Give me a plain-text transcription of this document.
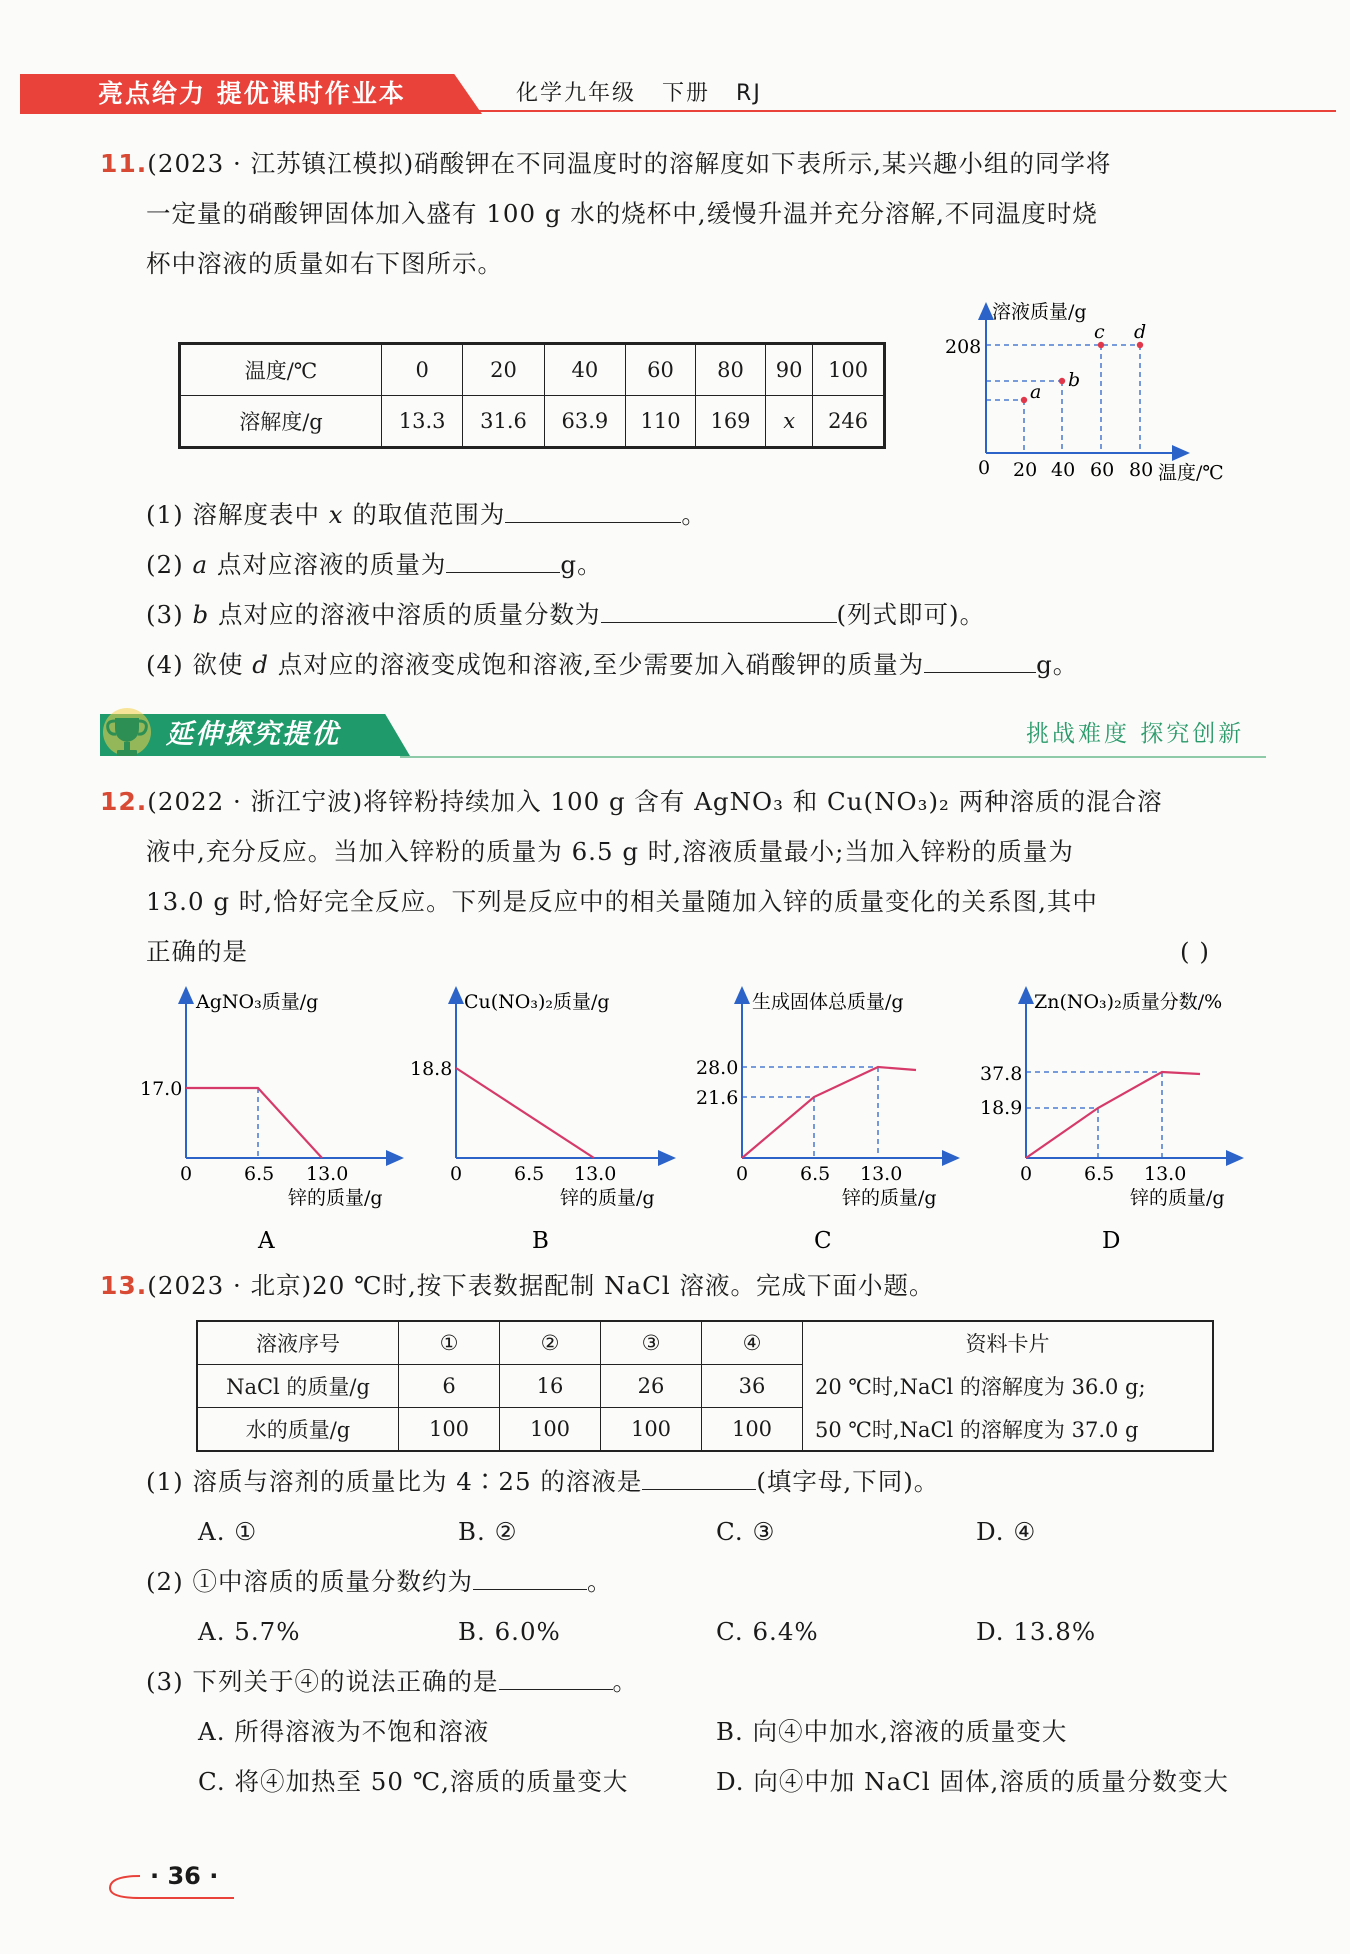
亮点给力 提优课时作业本	化学九年级 下册 RJ
11.(2023 · 江苏镇江模拟)硝酸钾在不同温度时的溶解度如下表所示,某兴趣小组的同学将
一定量的硝酸钾固体加入盛有 100 g 水的烧杯中,缓慢升温并充分溶解,不同温度时烧
杯中溶液的质量如右下图所示。
温度/℃	0	20	40	60	80	90	100
溶解度/g	13.3	31.6	63.9	110	169	x	246
a
b
c d
溶液质量/g
208
0 20 40 60 80 温度/℃
(1) 溶解度表中 x 的取值范围为	。
(2) a 点对应溶液的质量为	g。
(3) b 点对应的溶液中溶质的质量分数为	(列式即可)。
(4) 欲使 d 点对应的溶液变成饱和溶液,至少需要加入硝酸钾的质量为	g。
延伸探究提优	挑战难度 探究创新
12.(2022 · 浙江宁波)将锌粉持续加入 100 g 含有 AgNO₃ 和 Cu(NO₃)₂ 两种溶质的混合溶
液中,充分反应。当加入锌粉的质量为 6.5 g 时,溶液质量最小;当加入锌粉的质量为
13.0 g 时,恰好完全反应。下列是反应中的相关量随加入锌的质量变化的关系图,其中
正确的是	( )
AgNO₃质量/g
17.0
0	6.5 13.0
锌的质量/g
A
Cu(NO₃)₂质量/g
18.8
0	6.5 13.0
锌的质量/g
B
生成固体总质量/g
28.0
21.6
0	6.5 13.0
锌的质量/g
C
Zn(NO₃)₂质量分数/%
37.8
18.9
0	6.5 13.0
锌的质量/g
D
13.(2023 · 北京)20 ℃时,按下表数据配制 NaCl 溶液。完成下面小题。
溶液序号	①	②	③	④	资料卡片
NaCl 的质量/g	6	16	26	36	20 ℃时,NaCl 的溶解度为 36.0 g;
水的质量/g	100	100	100	100	50 ℃时,NaCl 的溶解度为 37.0 g
(1) 溶质与溶剂的质量比为 4∶25 的溶液是	(填字母,下同)。
A. ①	B. ②	C. ③	D. ④
(2) ①中溶质的质量分数约为	。
A. 5.7%	B. 6.0%	C. 6.4%	D. 13.8%
(3) 下列关于④的说法正确的是	。
A. 所得溶液为不饱和溶液	B. 向④中加水,溶液的质量变大
C. 将④加热至 50 ℃,溶质的质量变大	D. 向④中加 NaCl 固体,溶质的质量分数变大
· 36 ·
